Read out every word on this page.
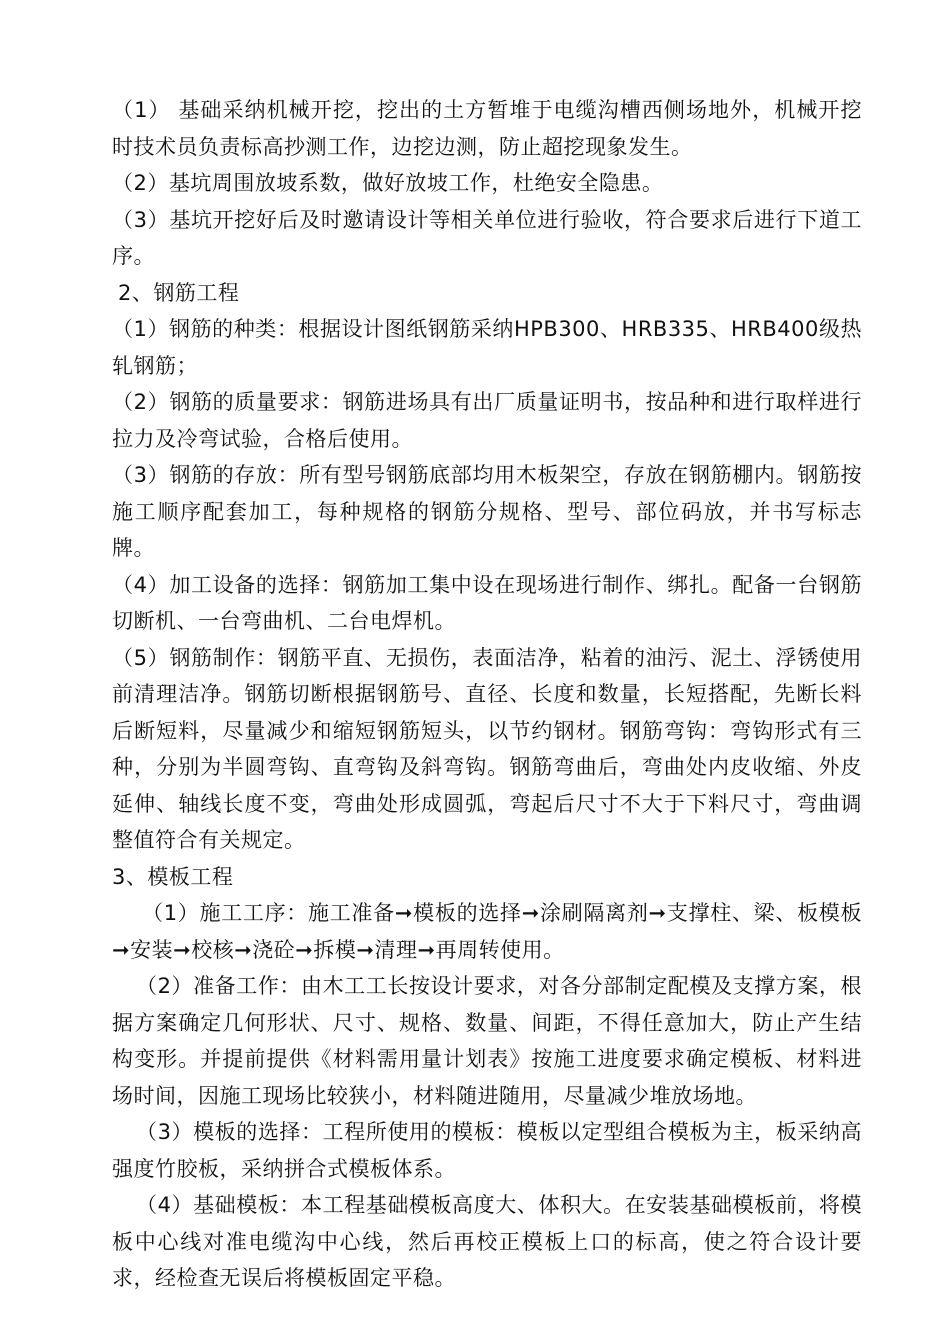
（1） 基础采纳机械开挖，挖出的土方暂堆于电缆沟槽西侧场地外，机械开挖时技术员负责标高抄测工作，边挖边测，防止超挖现象发生。

（2）基坑周围放坡系数，做好放坡工作，杜绝安全隐患。

（3）基坑开挖好后及时邀请设计等相关单位进行验收，符合要求后进行下道工序。

2、钢筋工程

（1）钢筋的种类：根据设计图纸钢筋采纳HPB300、HRB335、HRB400级热轧钢筋；

（2）钢筋的质量要求：钢筋进场具有出厂质量证明书，按品种和进行取样进行拉力及冷弯试验，合格后使用。

（3）钢筋的存放：所有型号钢筋底部均用木板架空，存放在钢筋棚内。钢筋按施工顺序配套加工，每种规格的钢筋分规格、型号、部位码放，并书写标志牌。

（4）加工设备的选择：钢筋加工集中设在现场进行制作、绑扎。配备一台钢筋切断机、一台弯曲机、二台电焊机。

（5）钢筋制作：钢筋平直、无损伤，表面洁净，粘着的油污、泥土、浮锈使用前清理洁净。钢筋切断根据钢筋号、直径、长度和数量，长短搭配，先断长料后断短料，尽量减少和缩短钢筋短头，以节约钢材。钢筋弯钩：弯钩形式有三种，分别为半圆弯钩、直弯钩及斜弯钩。钢筋弯曲后，弯曲处内皮收缩、外皮延伸、轴线长度不变，弯曲处形成圆弧，弯起后尺寸不大于下料尺寸，弯曲调整值符合有关规定。

3、模板工程

（1）施工工序：施工准备➞模板的选择➞涂刷隔离剂➞支撑柱、梁、板模板➞安装➞校核➞浇砼➞拆模➞清理➞再周转使用。

（2）准备工作：由木工工长按设计要求，对各分部制定配模及支撑方案，根据方案确定几何形状、尺寸、规格、数量、间距，不得任意加大，防止产生结构变形。并提前提供《材料需用量计划表》按施工进度要求确定模板、材料进场时间，因施工现场比较狭小，材料随进随用，尽量减少堆放场地。

（3）模板的选择：工程所使用的模板：模板以定型组合模板为主，板采纳高强度竹胶板，采纳拼合式模板体系。

（4）基础模板：本工程基础模板高度大、体积大。在安装基础模板前，将模板中心线对准电缆沟中心线，然后再校正模板上口的标高，使之符合设计要求，经检查无误后将模板固定平稳。
